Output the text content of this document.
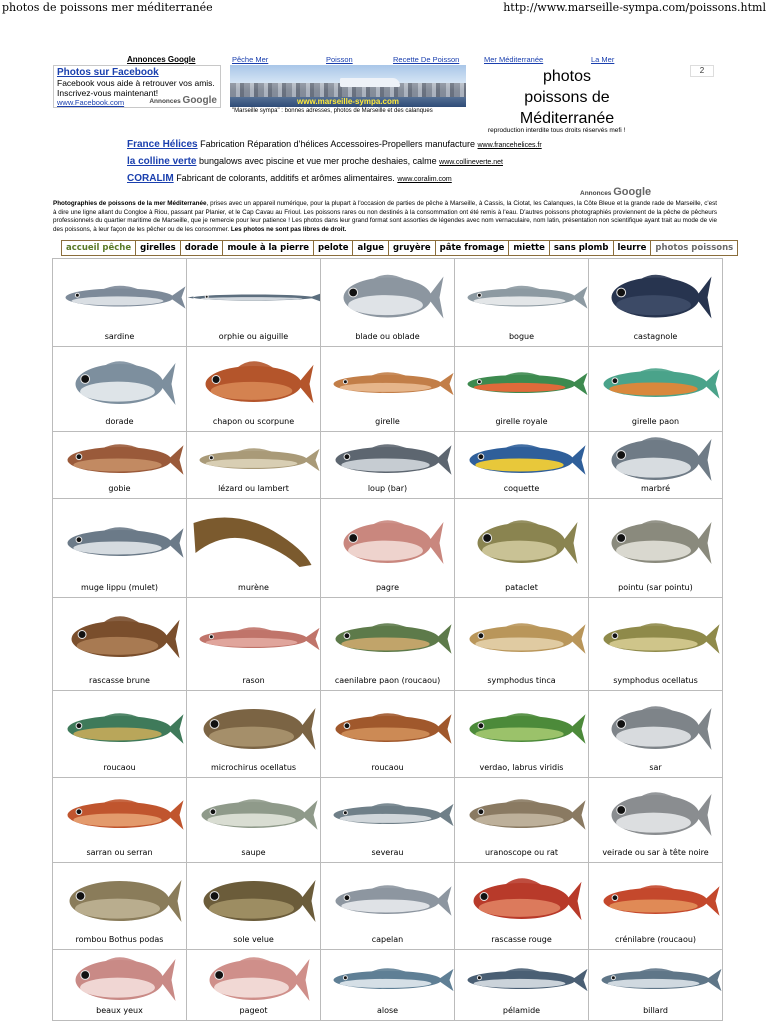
photos de poissons mer méditerranée	http://www.marseille-sympa.com/poissons.html
Annonces Google
Photos sur Facebook
Facebook vous aide à retrouver vos amis. Inscrivez-vous maintenant!
www.Facebook.com	Annonces Google
Pêche Mer	Poisson	Recette De Poisson	Mer Méditerranée	La Mer
www.marseille-sympa.com
"Marseille sympa" : bonnes adresses, photos de Marseille et des calanques
photos
poissons de
Méditerranée
2
reproduction interdite tous droits réservés mefi !
France Hélices Fabrication Réparation d'hélices Accessoires-Propellers manufacture www.francehelices.fr
la colline verte bungalows avec piscine et vue mer proche deshaies, calme www.collineverte.net
CORALIM Fabricant de colorants, additifs et arômes alimentaires. www.coralim.com
Annonces Google
Photographies de poissons de la mer Méditerranée, prises avec un appareil numérique, pour la plupart à l'occasion de parties de pêche à Marseille, à Cassis, la Ciotat, les Calanques, la Côte Bleue et la grande rade de Marseille, c'est à dire une ligne allant du Congloe à Riou, passant par Planier, et le Cap Cavau au Frioul. Les poissons rares ou non destinés à la consommation ont été remis à l'eau. D'autres poissons photographiés proviennent de la pêche de pêcheurs professionnels du quartier maritime de Marseille, que je remercie pour leur patience ! Les photos dans leur grand format sont assorties de légendes avec nom vernaculaire, nom latin, présentation non scientifique ayant trait au mode de vie des poissons, à leur façon de les pêcher ou de les consommer. Les photos ne sont pas libres de droit.
accueil pêche	girelles	dorade	moule à la pierre	pelote	algue	gruyère	pâte fromage	miette	sans plomb	leurre	photos poissons
sardine	orphie ou aiguille	blade ou oblade	bogue	castagnole

dorade	chapon ou scorpune	girelle	girelle royale	girelle paon

gobie	lézard ou lambert	loup (bar)	coquette	marbré

muge lippu (mulet)	murène	pagre	pataclet	pointu (sar pointu)

rascasse brune	rason	caenilabre paon (roucaou)	symphodus tinca	symphodus ocellatus

roucaou	microchirus ocellatus	roucaou	verdao, labrus viridis	sar

sarran ou serran	saupe	severau	uranoscope ou rat	veirade ou sar à tête noire

rombou Bothus podas	sole velue	capelan	rascasse rouge	crénilabre (roucaou)

beaux yeux	pageot	alose	pélamide	billard
